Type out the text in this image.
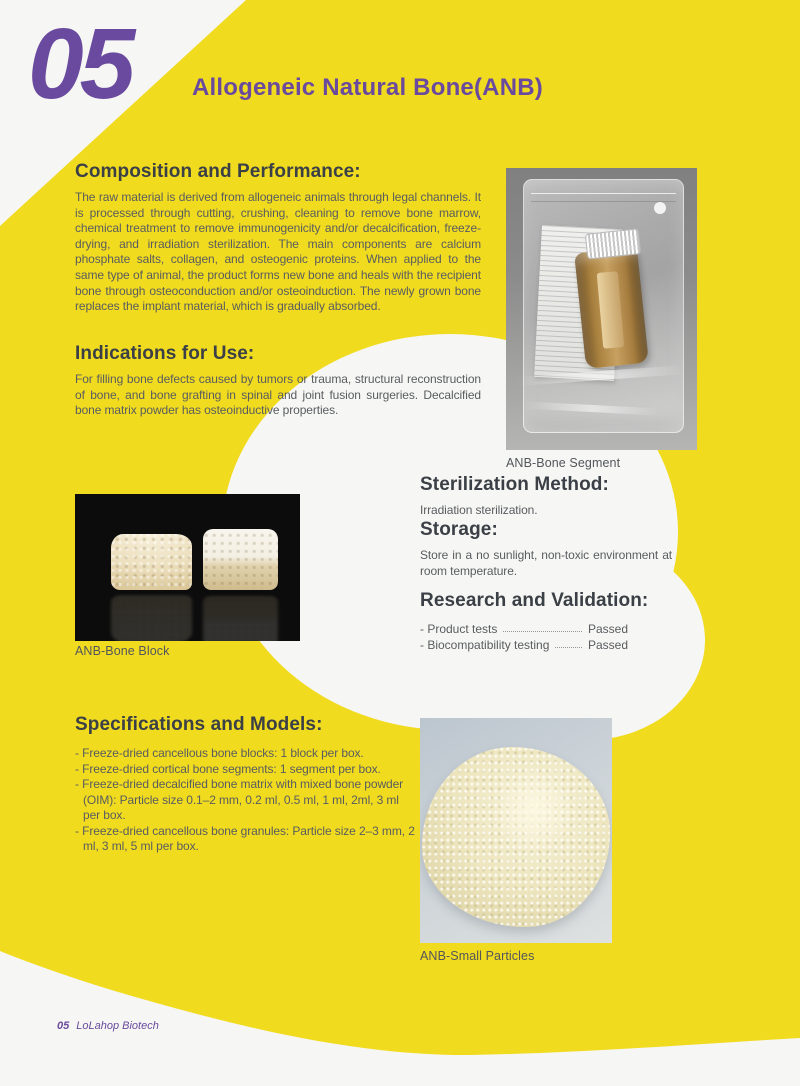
05	Allogeneic Natural Bone(ANB)
Composition and Performance:

The raw material is derived from allogeneic animals through legal channels. It is processed through cutting, crushing, cleaning to remove bone marrow, chemical treatment to remove immunogenicity and/or decalcification, freeze-drying, and irradiation sterilization. The main components are calcium phosphate salts, collagen, and osteogenic proteins. When applied to the same type of animal, the product forms new bone and heals with the recipient bone through osteoconduction and/or osteoinduction. The newly grown bone replaces the implant material, which is gradually absorbed.

Indications for Use:

For filling bone defects caused by tumors or trauma, structural reconstruction of bone, and bone grafting in spinal and joint fusion surgeries. Decalcified bone matrix powder has osteoinductive properties.

ANB-Bone Segment

Sterilization Method:

Irradiation sterilization.

Storage:

Store in a no sunlight, non-toxic environment at room temperature.

Research and Validation:
- Product tests	Passed
- Biocompatibility testing	Passed

ANB-Bone Block

Specifications and Models:

- Freeze-dried cancellous bone blocks: 1 block per box.

- Freeze-dried cortical bone segments: 1 segment per box.

- Freeze-dried decalcified bone matrix with mixed bone powder (OIM): Particle size 0.1–2 mm, 0.2 ml, 0.5 ml, 1 ml, 2ml, 3 ml per box.

- Freeze-dried cancellous bone granules: Particle size 2–3 mm, 2 ml, 3 ml, 5 ml per box.

ANB-Small Particles

05 LoLahop Biotech
